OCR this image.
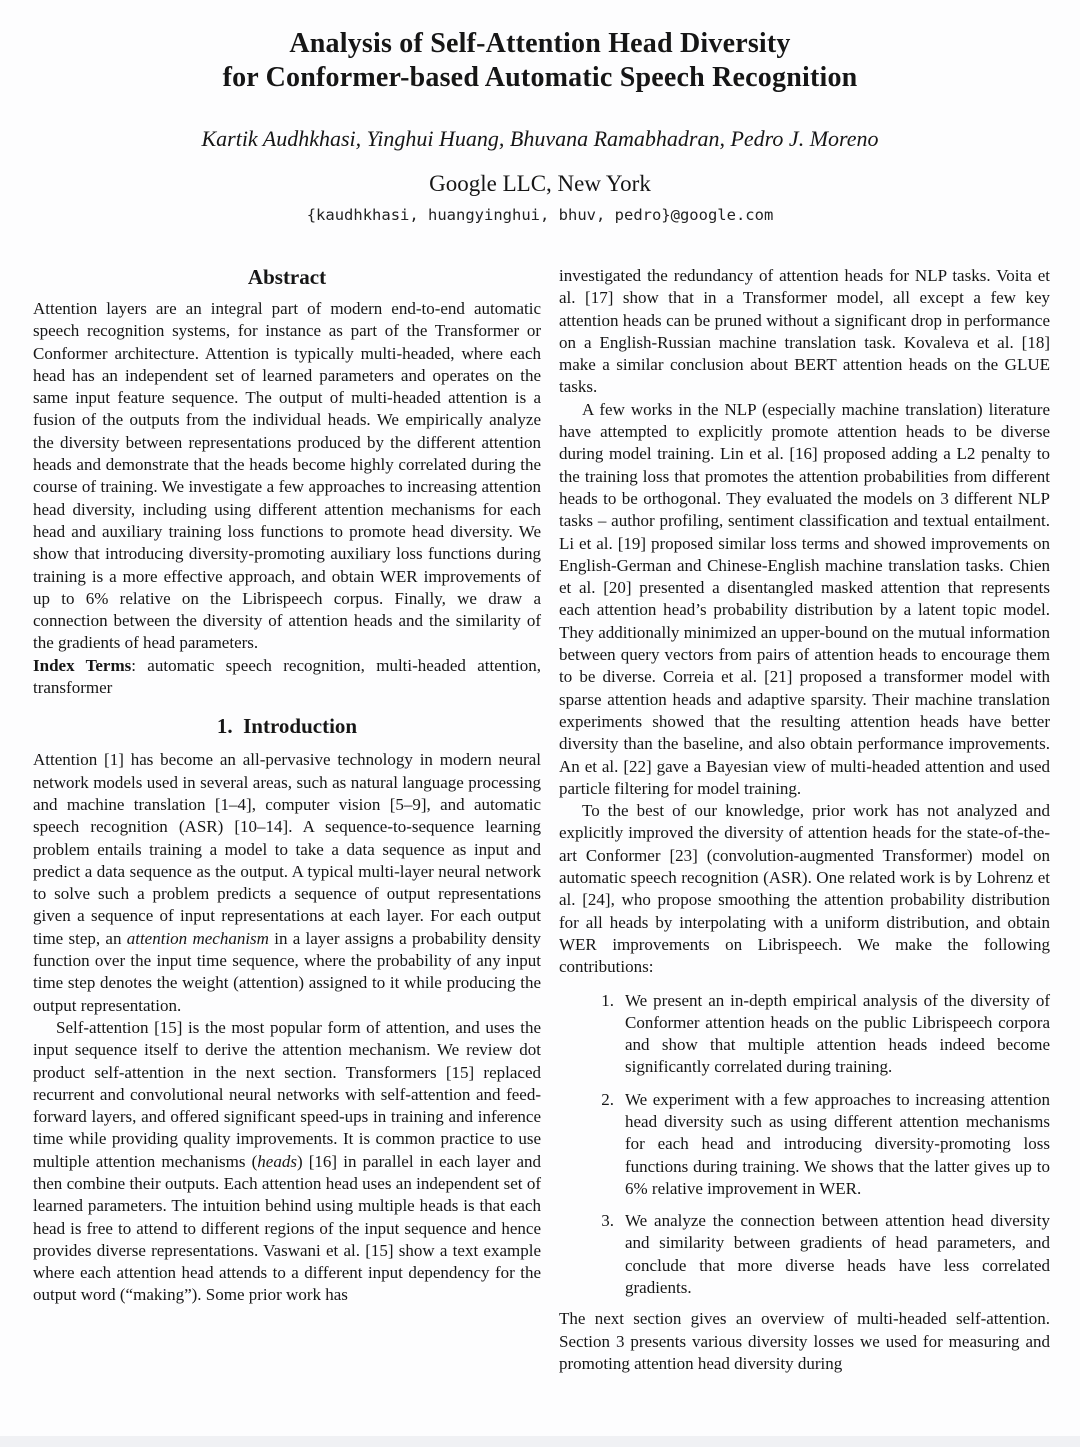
Analysis of Self-Attention Head Diversity
for Conformer-based Automatic Speech Recognition
Kartik Audhkhasi, Yinghui Huang, Bhuvana Ramabhadran, Pedro J. Moreno
Google LLC, New York
{kaudhkhasi, huangyinghui, bhuv, pedro}@google.com
Abstract

Attention layers are an integral part of modern end-to-end automatic speech recognition systems, for instance as part of the Transformer or Conformer architecture. Attention is typically multi-headed, where each head has an independent set of learned parameters and operates on the same input feature sequence. The output of multi-headed attention is a fusion of the outputs from the individual heads. We empirically analyze the diversity between representations produced by the different attention heads and demonstrate that the heads become highly correlated during the course of training. We investigate a few approaches to increasing attention head diversity, including using different attention mechanisms for each head and auxiliary training loss functions to promote head diversity. We show that introducing diversity-promoting auxiliary loss functions during training is a more effective approach, and obtain WER improvements of up to 6% relative on the Librispeech corpus. Finally, we draw a connection between the diversity of attention heads and the similarity of the gradients of head parameters.

Index Terms: automatic speech recognition, multi-headed attention, transformer

1. Introduction

Attention [1] has become an all-pervasive technology in modern neural network models used in several areas, such as natural language processing and machine translation [1–4], computer vision [5–9], and automatic speech recognition (ASR) [10–14]. A sequence-to-sequence learning problem entails training a model to take a data sequence as input and predict a data sequence as the output. A typical multi-layer neural network to solve such a problem predicts a sequence of output representations given a sequence of input representations at each layer. For each output time step, an attention mechanism in a layer assigns a probability density function over the input time sequence, where the probability of any input time step denotes the weight (attention) assigned to it while producing the output representation.

Self-attention [15] is the most popular form of attention, and uses the input sequence itself to derive the attention mechanism. We review dot product self-attention in the next section. Transformers [15] replaced recurrent and convolutional neural networks with self-attention and feed-forward layers, and offered significant speed-ups in training and inference time while providing quality improvements. It is common practice to use multiple attention mechanisms (heads) [16] in parallel in each layer and then combine their outputs. Each attention head uses an independent set of learned parameters. The intuition behind using multiple heads is that each head is free to attend to different regions of the input sequence and hence provides diverse representations. Vaswani et al. [15] show a text example where each attention head attends to a different input dependency for the output word (“making”). Some prior work has

investigated the redundancy of attention heads for NLP tasks. Voita et al. [17] show that in a Transformer model, all except a few key attention heads can be pruned without a significant drop in performance on a English-Russian machine translation task. Kovaleva et al. [18] make a similar conclusion about BERT attention heads on the GLUE tasks.

A few works in the NLP (especially machine translation) literature have attempted to explicitly promote attention heads to be diverse during model training. Lin et al. [16] proposed adding a L2 penalty to the training loss that promotes the attention probabilities from different heads to be orthogonal. They evaluated the models on 3 different NLP tasks – author profiling, sentiment classification and textual entailment. Li et al. [19] proposed similar loss terms and showed improvements on English-German and Chinese-English machine translation tasks. Chien et al. [20] presented a disentangled masked attention that represents each attention head’s probability distribution by a latent topic model. They additionally minimized an upper-bound on the mutual information between query vectors from pairs of attention heads to encourage them to be diverse. Correia et al. [21] proposed a transformer model with sparse attention heads and adaptive sparsity. Their machine translation experiments showed that the resulting attention heads have better diversity than the baseline, and also obtain performance improvements. An et al. [22] gave a Bayesian view of multi-headed attention and used particle filtering for model training.

To the best of our knowledge, prior work has not analyzed and explicitly improved the diversity of attention heads for the state-of-the-art Conformer [23] (convolution-augmented Transformer) model on automatic speech recognition (ASR). One related work is by Lohrenz et al. [24], who propose smoothing the attention probability distribution for all heads by interpolating with a uniform distribution, and obtain WER improvements on Librispeech. We make the following contributions:

1. We present an in-depth empirical analysis of the diversity of Conformer attention heads on the public Librispeech corpora and show that multiple attention heads indeed become significantly correlated during training.
2. We experiment with a few approaches to increasing attention head diversity such as using different attention mechanisms for each head and introducing diversity-promoting loss functions during training. We shows that the latter gives up to 6% relative improvement in WER.
3. We analyze the connection between attention head diversity and similarity between gradients of head parameters, and conclude that more diverse heads have less correlated gradients.

The next section gives an overview of multi-headed self-attention. Section 3 presents various diversity losses we used for measuring and promoting attention head diversity during
